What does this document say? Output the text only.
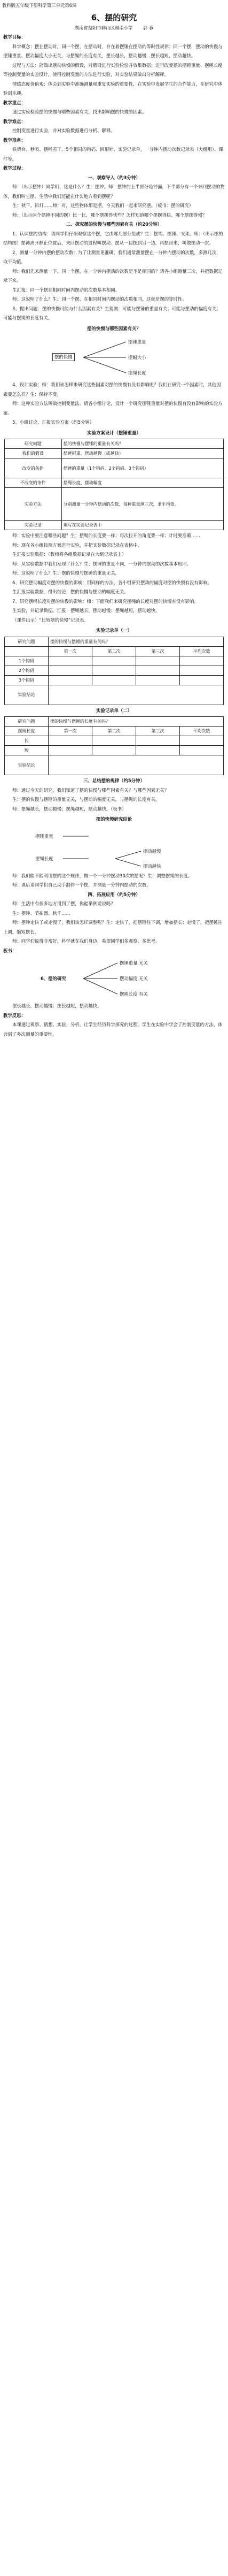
教科版五年级下册科学第三单元第6课
6、摆的研究

湖南省益阳市赫山区赫南小学　　 郭 蓉

教学目标：

科学概念：摆在摆动时，同一个摆，在摆动时，存在着摆锤在摆动的等时性规律；同一个摆，摆动的快慢与摆锤重量、摆动幅度大小无关，与摆绳的长度有关，摆长越长，摆动越慢，摆长越短，摆动越快。

过程与方法：能做出摆动快慢的假设，对假设进行实验检验并收集数据；进行改变摆的摆锤重量、摆绳长度等控制变量的实验设计，使用控制变量的方法进行实验，对实验结果做出分析解释。

情感态度价值观：体会到实验中准确测量和重复实验的重要性，在实验中发展学生的合作能力，在研究中体验到乐趣。

教学重点：

通过实验检验摆的快慢与哪些因素有关，找出影响摆的快慢的因素。

教学难点：

控制变量进行实验，并对实验数据进行分析、解释。

教学准备：

铁架台、秒表、摆绳若干、5个相同的钩码、回形针、实验记录单，一分钟内摆动次数记录表（大组用）、课件等。

教学过程：

一、观察导入（约3分钟）

师：（出示摆钟）同学们，这是什么？生：摆钟。师：摆钟的上半部分是钟面，下半部分有一个来回摆动的物体，我们叫它摆。生活中我们还能在什么地方看到摆呢？

生：秋千、吊灯……师：对，这些物体都是摆，今天我们一起来研究摆。（板书：摆的研究）

师：（出示两个摆锤不同的摆）比一比，哪个摆摆得快些？怎样知道哪个摆摆得快、哪个摆摆得慢？

二、探究摆的快慢与哪些因素有关（约20分钟）

1、认识摆的结构：请同学们仔细观察这个摆，它由哪几部分组成？生：摆绳、摆锤、支架。师：（出示摆的结构图）摆锤离开静止位置后，来回摆动的过程叫摆动。摆从一边摆到另一边，再摆回来，叫做摆动一次。

2、测量一分钟内摆的摆动次数：为了让测量更准确，我们通常测量摆在一分钟内摆动的次数，多测几次，取平均值。

师：我们先来测量一下，同一个摆，在一分钟内摆动的次数是不是相同的？请各小组测量三次，并把数据记录下来。

生汇报：同一个摆在相同时间内摆动的次数基本相同。

师：这说明了什么？生：同一个摆，在相同时间内摆动的次数相同。这就是摆的等时性。

3、提出问题：摆的快慢可能与什么因素有关？生猜测：可能与摆锤的重量有关；可能与摆动的幅度有关；可能与摆绳的长度有关。

摆的快慢与哪些因素有关？

摆的快慢
摆锤重量
摆幅大小
摆绳长度

4、设计实验：师：我们该怎样来研究这些因素对摆的快慢有没有影响呢？我们在研究一个因素时，其他因素要怎么样？生：保持不变。

师：这种实验方法叫做控制变量法。请各小组讨论，设计一个研究摆锤重量对摆的快慢有没有影响的实验方案。

5、小组讨论，汇报实验方案（约5分钟）

实验方案设计（摆锤重量）

研究问题	摆的快慢与摆锤的重量有关吗？
我们的假设	摆锤越重，摆动越慢（或越快）
改变的条件	摆锤的重量（1个钩码、2个钩码、3个钩码）
不改变的条件	摆绳长度、摆动幅度
实验方法	分别测量一分钟内摆动的次数，每种重量测三次，求平均值。
实验记录	填写在实验记录表中

师：实验中要注意哪些问题？生：摆绳的长度要一样；每次拉开的角度要一样；计时要准确……

师：现在各小组按照方案进行实验，并把实验数据记录在表格中。

生汇报实验数据：（教师将各组数据记录在大组记录表上）

师：从实验数据中我们发现了什么？生：摆锤的重量不同，一分钟内摆动的次数基本相同。

师：这说明了什么？生：摆的快慢与摆锤的重量无关。

6、研究摆动幅度对摆的快慢的影响：用同样的方法，各小组研究摆动的幅度对摆的快慢有没有影响。

生汇报实验数据，得出结论：摆的快慢与摆动的幅度无关。

7、研究摆绳长度对摆的快慢的影响：师：下面我们来研究摆绳的长度对摆的快慢有没有影响。

生实验，并记录数据。汇报：摆绳越长，摆动越慢；摆绳越短，摆动越快。

（课件出示）“比较摆的快慢”记录表。

实验记录单（一）

研究问题	摆的快慢与摆锤的重量有关吗？			
	第一次	第二次	第三次	平均次数
1个钩码				
2个钩码				
3个钩码				
实验结论				

实验记录单（二）

研究问题	摆的快慢与摆绳的长度有关吗？			
摆绳长度	第一次	第二次	第三次	平均次数
长				
短				
实验结论				

三、总结摆的规律（约5分钟）

师：通过今天的研究，我们知道了摆的快慢与哪些因素有关？与哪些因素无关？

生：摆的快慢与摆锤的重量无关，与摆动的幅度无关，与摆绳的长度有关。

师：摆绳越长，摆动越慢；摆绳越短，摆动越快。（板书）

摆的快慢研究结论

摆锤重量
摆绳长度
摆动越慢
摆动越快

师：我们能不能利用摆的这个规律，做一个一分钟摆动30次的摆呢？生：调整摆绳的长度。

师：课后请同学们自己动手制作一个摆，并测量一分钟内摆动的次数。

四、拓展应用（约5分钟）

师：生活中有很多地方用到了摆，你能举例说说吗？

生：摆钟、节拍器、秋千……

师：摆钟走快了或走慢了，我们该怎样调整呢？生：走快了，把摆锤往下调，增加摆长；走慢了，把摆锤往上调，缩短摆长。

师：同学们说得非常好，科学就在我们身边，希望同学们多观察、多思考。

板书：

6、摆的研究
摆锤重量 无关
摆动幅度 无关
摆绳长度 有关

摆长越长，摆动越慢；摆长越短，摆动越快。

教学反思：

本课通过观察、猜想、实验、分析，让学生经历科学探究的过程，学生在实验中学会了控制变量的方法，体会到了多次测量的重要性。
